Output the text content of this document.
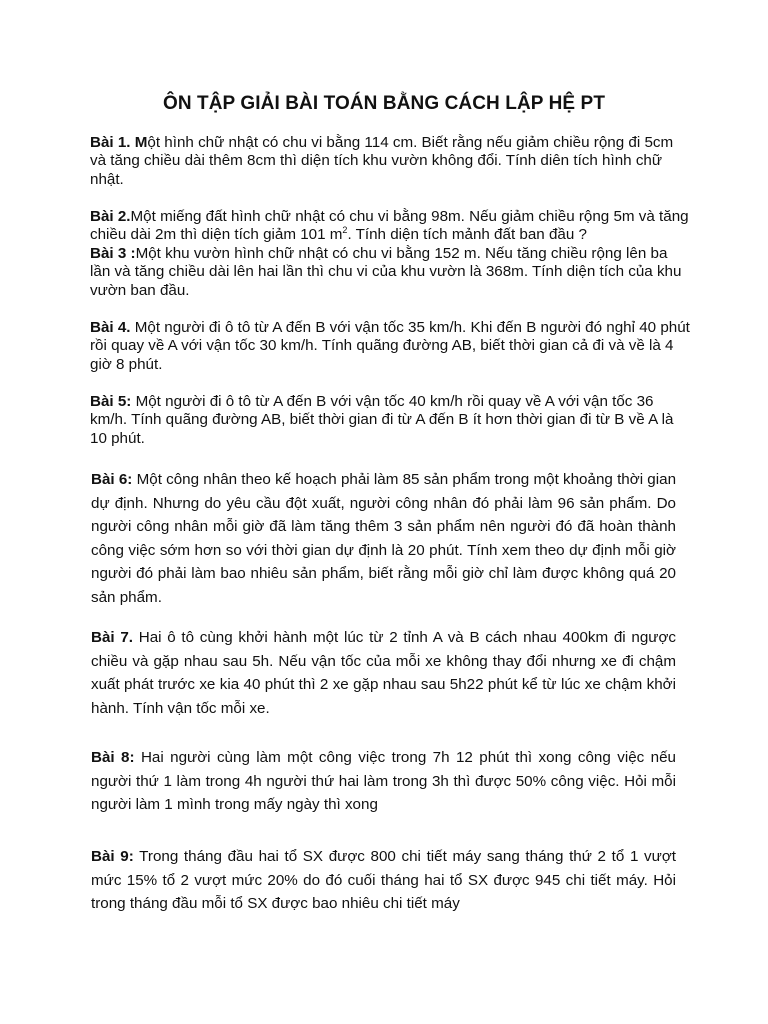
ÔN TẬP GIẢI BÀI TOÁN BẰNG CÁCH LẬP HỆ PT
Bài 1. Một hình chữ nhật có chu vi bằng 114 cm. Biết rằng nếu giảm chiều rộng đi 5cm và tăng chiều dài thêm 8cm thì diện tích khu vườn không đổi. Tính diên tích hình chữ nhật.
Bài 2.Một miếng đất hình chữ nhật có chu vi bằng 98m. Nếu giảm chiều rộng 5m và tăng chiều dài 2m thì diện tích giảm 101 $m^2$. Tính diện tích mảnh đất ban đầu ?
Bài 3 :Một khu vườn hình chữ nhật có chu vi bằng 152 m. Nếu tăng chiều rộng lên ba lần và tăng chiều dài lên hai lần thì chu vi của khu vườn là 368m. Tính diện tích của khu vườn ban đầu.
Bài 4. Một người đi ô tô từ A đến B với vận tốc 35 km/h. Khi đến B người đó nghỉ 40 phút rồi quay về A với vận tốc 30 km/h. Tính quãng đường AB, biết thời gian cả đi và về là 4 giờ 8 phút.
Bài 5: Một người đi ô tô từ A đến B với vận tốc 40 km/h rồi quay về A với vận tốc 36 km/h. Tính quãng đường AB, biết thời gian đi từ A đến B ít hơn thời gian đi từ B về A là 10 phút.
Bài 6: Một công nhân theo kế hoạch phải làm 85 sản phẩm trong một khoảng thời gian dự định. Nhưng do yêu cầu đột xuất, người công nhân đó phải làm 96 sản phẩm. Do người công nhân mỗi giờ đã làm tăng thêm 3 sản phẩm nên người đó đã hoàn thành công việc sớm hơn so với thời gian dự định là 20 phút. Tính xem theo dự định mỗi giờ người đó phải làm bao nhiêu sản phẩm, biết rằng mỗi giờ chỉ làm được không quá 20 sản phẩm.
Bài 7. Hai ô tô cùng khởi hành một lúc từ 2 tỉnh A và B cách nhau 400km đi ngược chiều và gặp nhau sau 5h. Nếu vận tốc của mỗi xe không thay đổi nhưng xe đi chậm xuất phát trước xe kia 40 phút thì 2 xe gặp nhau sau 5h22 phút kể từ lúc xe chậm khởi hành. Tính vận tốc mỗi xe.
Bài 8: Hai người cùng làm một công việc trong 7h 12 phút thì xong công việc nếu người thứ 1 làm trong 4h người thứ hai làm trong 3h thì được 50% công việc. Hỏi mỗi người làm 1 mình trong mấy ngày thì xong
Bài 9: Trong tháng đầu hai tổ SX được 800 chi tiết máy sang tháng thứ 2 tổ 1 vượt mức 15% tổ 2 vượt mức 20% do đó cuối tháng hai tổ SX được 945 chi tiết máy. Hỏi trong tháng đầu mỗi tổ SX được bao nhiêu chi tiết máy
